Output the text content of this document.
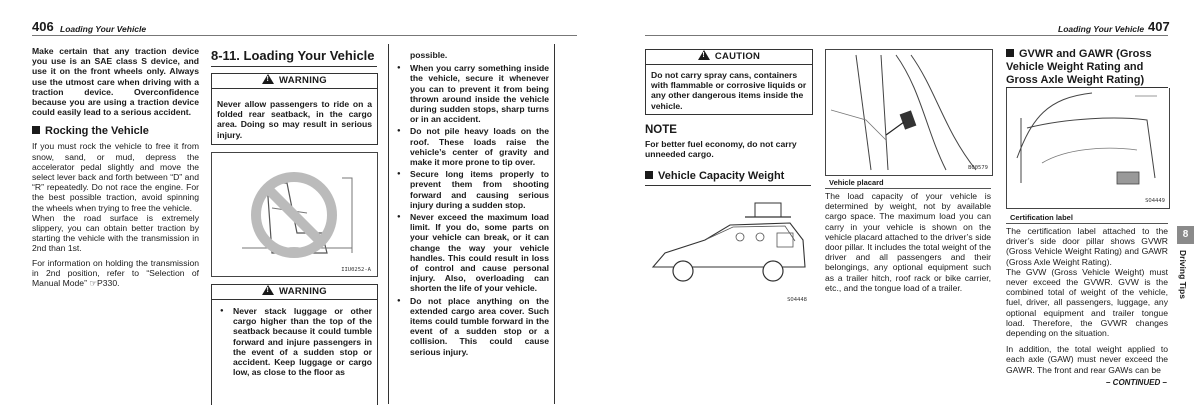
406 Loading Your Vehicle

Make certain that any traction device you use is an SAE class S device, and use it on the front wheels only. Always use the utmost care when driving with a traction device. Overconfidence because you are using a traction device could easily lead to a serious accident.

Rocking the Vehicle

If you must rock the vehicle to free it from snow, sand, or mud, depress the accelerator pedal slightly and move the select lever back and forth between “D” and “R” repeatedly. Do not race the engine. For the best possible traction, avoid spinning the wheels when trying to free the vehicle.

When the road surface is extremely slippery, you can obtain better traction by starting the vehicle with the transmission in 2nd than 1st.

For information on holding the transmission in 2nd position, refer to “Selection of Manual Mode” ☞P330.

8-11. Loading Your Vehicle
!WARNING
Never allow passengers to ride on a folded rear seatback, in the cargo area. Doing so may result in serious injury.
IIU0252-A
!WARNING
● Never stack luggage or other cargo higher than the top of the seatback because it could tumble forward and injure passengers in the event of a sudden stop or accident. Keep luggage or cargo low, as close to the floor as
possible.
● When you carry something inside the vehicle, secure it whenever you can to prevent it from being thrown around inside the vehicle during sudden stops, sharp turns or in an accident.
● Do not pile heavy loads on the roof. These loads raise the vehicle’s center of gravity and make it more prone to tip over.
● Secure long items properly to prevent them from shooting forward and causing serious injury during a sudden stop.
● Never exceed the maximum load limit. If you do, some parts on your vehicle can break, or it can change the way your vehicle handles. This could result in loss of control and cause personal injury. Also, overloading can shorten the life of your vehicle.
● Do not place anything on the extended cargo area cover. Such items could tumble forward in the event of a sudden stop or a collision. This could cause serious injury.
Loading Your Vehicle 407
!CAUTION
Do not carry spray cans, containers with flammable or corrosive liquids or any other dangerous items inside the vehicle.
NOTE
For better fuel economy, do not carry unneeded cargo.
Vehicle Capacity Weight
SO4448
B00579
Vehicle placard
The load capacity of your vehicle is determined by weight, not by available cargo space. The maximum load you can carry in your vehicle is shown on the vehicle placard attached to the driver’s side door pillar. It includes the total weight of the driver and all passengers and their belongings, any optional equipment such as a trailer hitch, roof rack or bike carrier, etc., and the tongue load of a trailer.
GVWR and GAWR (Gross Vehicle Weight Rating and Gross Axle Weight Rating)
SO4449
Certification label

The certification label attached to the driver’s side door pillar shows GVWR (Gross Vehicle Weight Rating) and GAWR (Gross Axle Weight Rating).

The GVW (Gross Vehicle Weight) must never exceed the GVWR. GVW is the combined total of weight of the vehicle, fuel, driver, all passengers, luggage, any optional equipment and trailer tongue load. Therefore, the GVWR changes depending on the situation.

In addition, the total weight applied to each axle (GAW) must never exceed the GAWR. The front and rear GAWs can be

– CONTINUED –
8
Driving Tips
